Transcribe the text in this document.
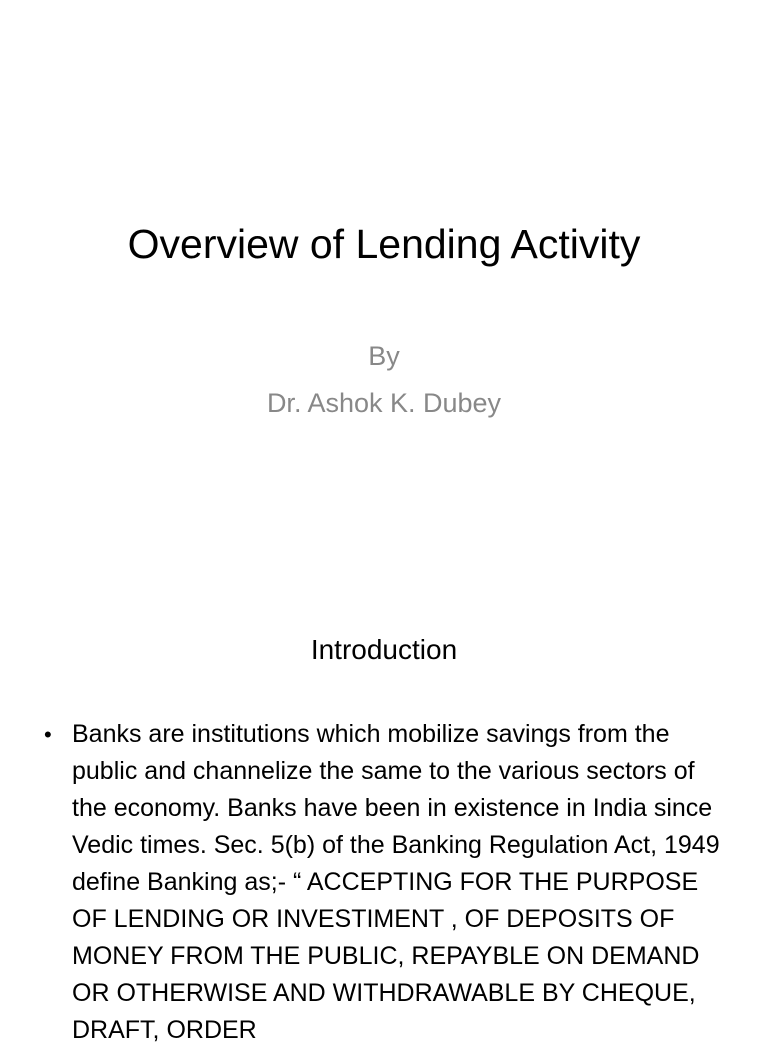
Overview of Lending Activity
By
Dr. Ashok K. Dubey
Introduction
• Banks are institutions which mobilize savings from the public and channelize the same to the various sectors of the economy. Banks have been in existence in India since Vedic times. Sec. 5(b) of the Banking Regulation Act, 1949 define Banking as;- “ ACCEPTING FOR THE PURPOSE OF LENDING OR INVESTIMENT , OF DEPOSITS OF MONEY FROM THE PUBLIC, REPAYBLE ON DEMAND OR OTHERWISE AND WITHDRAWABLE BY CHEQUE, DRAFT, ORDER
